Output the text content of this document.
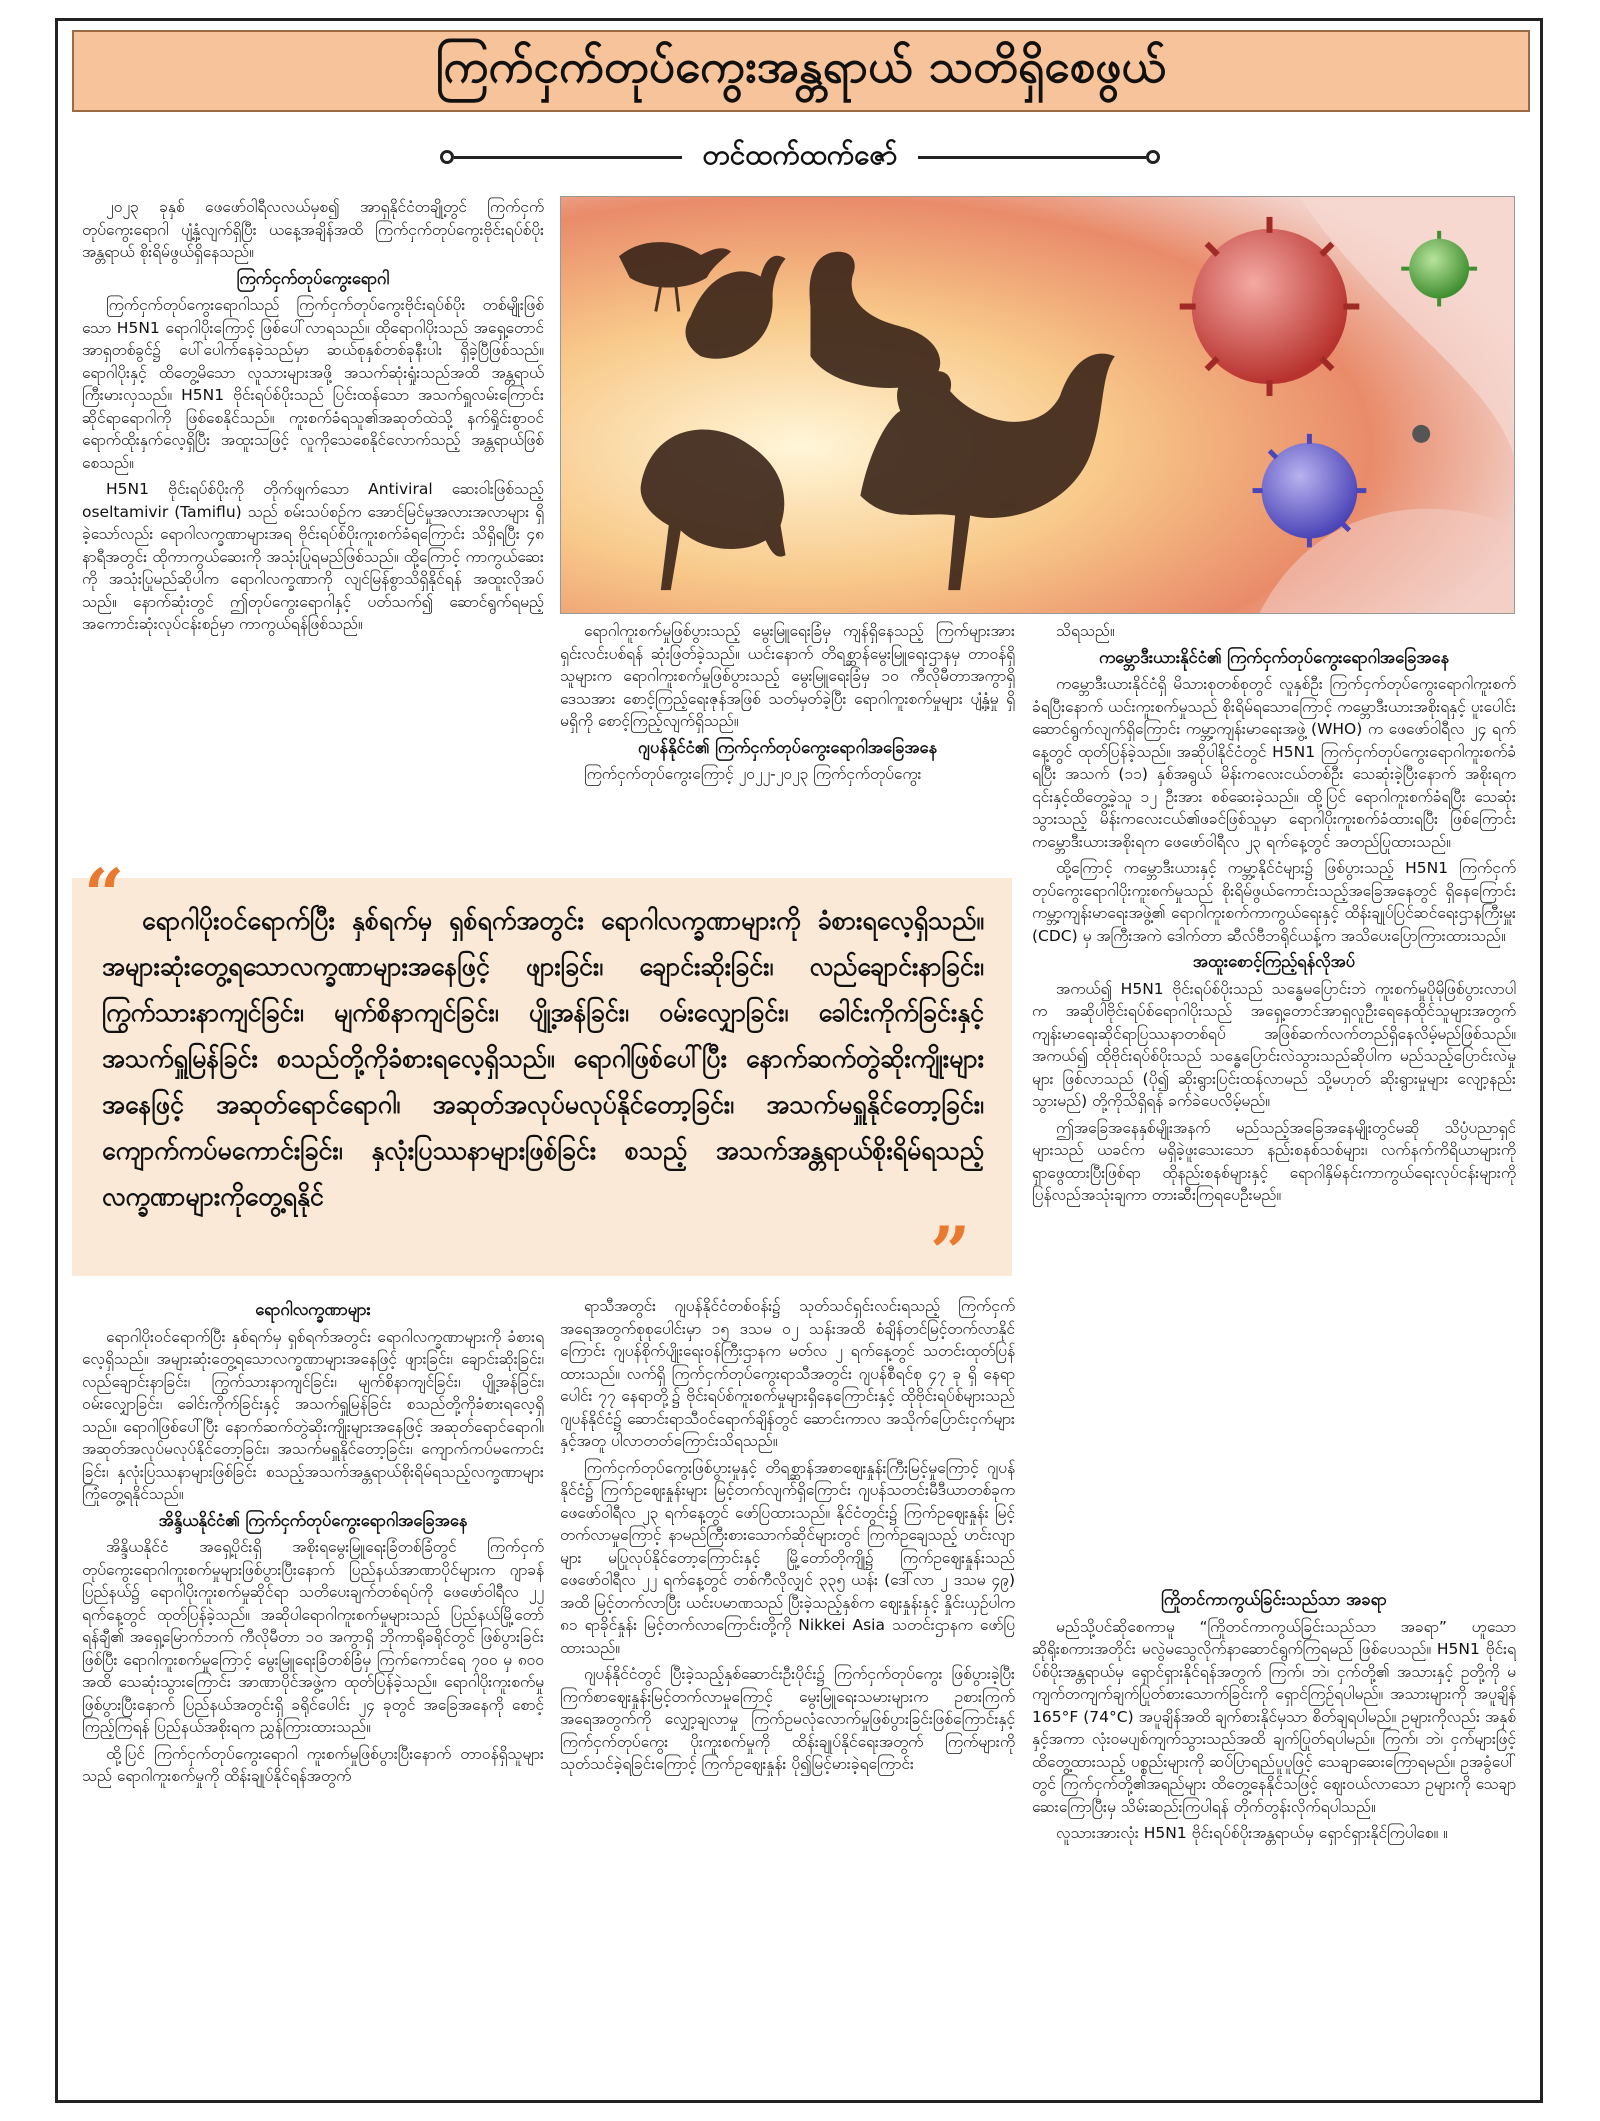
ကြက်ငှက်တုပ်ကွေးအန္တရာယ် သတိရှိစေဖွယ်
တင်ထက်ထက်ဇော်

၂၀၂၃ ခုနှစ် ဖေဖော်ဝါရီလလယ်မှစ၍ အာရှနိုင်ငံတချို့တွင် ကြက်ငှက်တုပ်ကွေးရောဂါ ပျံ့နှံ့လျက်ရှိပြီး ယနေ့အချိန်အထိ ကြက်ငှက်တုပ်ကွေးဗိုင်းရပ်စ်ပိုးအန္တရာယ် စိုးရိမ်ဖွယ်ရှိနေသည်။

ကြက်ငှက်တုပ်ကွေးရောဂါ

ကြက်ငှက်တုပ်ကွေးရောဂါသည် ကြက်ငှက်တုပ်ကွေးဗိုင်းရပ်စ်ပိုး တစ်မျိုးဖြစ်သော H5N1 ရောဂါပိုးကြောင့် ဖြစ်ပေါ်လာရသည်။ ထိုရောဂါပိုးသည် အရှေ့တောင်အာရှတစ်ခွင်၌ ပေါ်ပေါက်နေခဲ့သည်မှာ ဆယ်စုနှစ်တစ်ခုနီးပါး ရှိခဲ့ပြီဖြစ်သည်။ ရောဂါပိုးနှင့် ထိတွေ့မိသော လူသားများအဖို့ အသက်ဆုံးရှုံးသည်အထိ အန္တရာယ်ကြီးမားလှသည်။ H5N1 ဗိုင်းရပ်စ်ပိုးသည် ပြင်းထန်သော အသက်ရှူလမ်းကြောင်းဆိုင်ရာရောဂါကို ဖြစ်စေနိုင်သည်။ ကူးစက်ခံရသူ၏အဆုတ်ထဲသို့ နက်ရှိုင်းစွာဝင်ရောက်ထိုးနှက်လေ့ရှိပြီး အထူးသဖြင့် လူကိုသေစေနိုင်လောက်သည့် အန္တရာယ်ဖြစ်စေသည်။

H5N1 ဗိုင်းရပ်စ်ပိုးကို တိုက်ဖျက်သော Antiviral ဆေးဝါးဖြစ်သည့် oseltamivir (Tamiflu) သည် စမ်းသပ်စဉ်က အောင်မြင်မှုအလားအလာများ ရှိခဲ့သော်လည်း ရောဂါလက္ခဏာများအရ ဗိုင်းရပ်စ်ပိုးကူးစက်ခံရကြောင်း သိရှိရပြီး ၄၈ နာရီအတွင်း ထိုကာကွယ်ဆေးကို အသုံးပြုရမည်ဖြစ်သည်။ ထို့ကြောင့် ကာကွယ်ဆေးကို အသုံးပြုမည်ဆိုပါက ရောဂါလက္ခဏာကို လျင်မြန်စွာသိရှိနိုင်ရန် အထူးလိုအပ်သည်။ နောက်ဆုံးတွင် ဤတုပ်ကွေးရောဂါနှင့် ပတ်သက်၍ ဆောင်ရွက်ရမည့် အကောင်းဆုံးလုပ်ငန်းစဉ်မှာ ကာကွယ်ရန်ဖြစ်သည်။	ရောဂါကူးစက်မှုဖြစ်ပွားသည့် မွေးမြူရေးခြံမှ ကျန်ရှိနေသည့် ကြက်များအား ရှင်းလင်းပစ်ရန် ဆုံးဖြတ်ခဲ့သည်။ ယင်းနောက် တိရစ္ဆာန်မွေးမြူရေးဌာနမှ တာဝန်ရှိသူများက ရောဂါကူးစက်မှုဖြစ်ပွားသည့် မွေးမြူရေးခြံမှ ၁၀ ကီလိုမီတာအကွာရှိ ဒေသအား စောင့်ကြည့်ရေးဇုန်အဖြစ် သတ်မှတ်ခဲ့ပြီး ရောဂါကူးစက်မှုများ ပျံ့နှံ့မှု ရှိ မရှိကို စောင့်ကြည့်လျက်ရှိသည်။

ဂျပန်နိုင်ငံ၏ ကြက်ငှက်တုပ်ကွေးရောဂါအခြေအနေ

ကြက်ငှက်တုပ်ကွေးကြောင့် ၂၀၂၂-၂၀၂၃ ကြက်ငှက်တုပ်ကွေး

သိရသည်။

ကမ္ဘောဒီးယားနိုင်ငံ၏ ကြက်ငှက်တုပ်ကွေးရောဂါအခြေအနေ

ကမ္ဘောဒီးယားနိုင်ငံရှိ မိသားစုတစ်စုတွင် လူနှစ်ဦး ကြက်ငှက်တုပ်ကွေးရောဂါကူးစက်ခံရပြီးနောက် ယင်းကူးစက်မှုသည် စိုးရိမ်ရသောကြောင့် ကမ္ဘောဒီးယားအစိုးရနှင့် ပူးပေါင်းဆောင်ရွက်လျက်ရှိကြောင်း ကမ္ဘာ့ကျန်းမာရေးအဖွဲ့ (WHO) က ဖေဖော်ဝါရီလ ၂၄ ရက်နေ့တွင် ထုတ်ပြန်ခဲ့သည်။ အဆိုပါနိုင်ငံတွင် H5N1 ကြက်ငှက်တုပ်ကွေးရောဂါကူးစက်ခံရပြီး အသက် (၁၁) နှစ်အရွယ် မိန်းကလေးငယ်တစ်ဦး သေဆုံးခဲ့ပြီးနောက် အစိုးရက ၎င်းနှင့်ထိတွေ့ခဲ့သူ ၁၂ ဦးအား စစ်ဆေးခဲ့သည်။ ထို့ပြင် ရောဂါကူးစက်ခံရပြီး သေဆုံးသွားသည့် မိန်းကလေးငယ်၏ဖခင်ဖြစ်သူမှာ ရောဂါပိုးကူးစက်ခံထားရပြီး ဖြစ်ကြောင်း ကမ္ဘောဒီးယားအစိုးရက ဖေဖော်ဝါရီလ ၂၃ ရက်နေ့တွင် အတည်ပြုထားသည်။

ထို့ကြောင့် ကမ္ဘောဒီးယားနှင့် ကမ္ဘာ့နိုင်ငံများ၌ ဖြစ်ပွားသည့် H5N1 ကြက်ငှက်တုပ်ကွေးရောဂါပိုးကူးစက်မှုသည် စိုးရိမ်ဖွယ်ကောင်းသည့်အခြေအနေတွင် ရှိနေကြောင်း ကမ္ဘာ့ကျန်းမာရေးအဖွဲ့၏ ရောဂါကူးစက်ကာကွယ်ရေးနှင့် ထိန်းချုပ်ပြင်ဆင်ရေးဌာနကြီးမှူး (CDC) မှ အကြီးအကဲ ဒေါက်တာ ဆီလ်ဗီဘရိုင်ယန့်က အသိပေးပြောကြားထားသည်။

အထူးစောင့်ကြည့်ရန်လိုအပ်

အကယ်၍ H5N1 ဗိုင်းရပ်စ်ပိုးသည် သန္ဓေမပြောင်းဘဲ ကူးစက်မှုပိုမိုဖြစ်ပွားလာပါက အဆိုပါဗိုင်းရပ်စ်ရောဂါပိုးသည် အရှေ့တောင်အာရှလူဦးရေနေထိုင်သူများအတွက် ကျန်းမာရေးဆိုင်ရာပြဿနာတစ်ရပ် အဖြစ်ဆက်လက်တည်ရှိနေလိမ့်မည်ဖြစ်သည်။ အကယ်၍ ထိုဗိုင်းရပ်စ်ပိုးသည် သန္ဓေပြောင်းလဲသွားသည်ဆိုပါက မည်သည့်ပြောင်းလဲမှုများ ဖြစ်လာသည် (ပို၍ ဆိုးရွားပြင်းထန်လာမည် သို့မဟုတ် ဆိုးရွားမှုများ လျော့နည်းသွားမည်) တို့ကိုသိရှိရန် ခက်ခဲပေလိမ့်မည်။

ဤအခြေအနေနှစ်မျိုးအနက် မည်သည့်အခြေအနေမျိုးတွင်မဆို သိပ္ပံပညာရှင်များသည် ယခင်က မရှိခဲ့ဖူးသေးသော နည်းစနစ်သစ်များ၊ လက်နက်ကိရိယာများကို ရှာဖွေထားပြီးဖြစ်ရာ ထိုနည်းစနစ်များနှင့် ရောဂါနှိမ်နင်းကာကွယ်ရေးလုပ်ငန်းများကို ပြန်လည်အသုံးချကာ တားဆီးကြရပေဦးမည်။

ရောဂါပိုးဝင်ရောက်ပြီး နှစ်ရက်မှ ရှစ်ရက်အတွင်း ရောဂါလက္ခဏာများကို ခံစားရလေ့ရှိသည်။ အများဆုံးတွေ့ရသောလက္ခဏာများအနေဖြင့် ဖျားခြင်း၊ ချောင်းဆိုးခြင်း၊ လည်ချောင်းနာခြင်း၊ ကြွက်သားနာကျင်ခြင်း၊ မျက်စိနာကျင်ခြင်း၊ ပျို့အန်ခြင်း၊ ဝမ်းလျှောခြင်း၊ ခေါင်းကိုက်ခြင်းနှင့် အသက်ရှူမြန်ခြင်း စသည်တို့ကိုခံစားရလေ့ရှိသည်။ ရောဂါဖြစ်ပေါ်ပြီး နောက်ဆက်တွဲဆိုးကျိုးများအနေဖြင့် အဆုတ်ရောင်ရောဂါ၊ အဆုတ်အလုပ်မလုပ်နိုင်တော့ခြင်း၊ အသက်မရှူနိုင်တော့ခြင်း၊ ကျောက်ကပ်မကောင်းခြင်း၊ နှလုံးပြဿနာများဖြစ်ခြင်း စသည့် အသက်အန္တရာယ်စိုးရိမ်ရသည့် လက္ခဏာများကိုတွေ့ရနိုင်
“
”
ရောဂါလက္ခဏာများ

ရောဂါပိုးဝင်ရောက်ပြီး နှစ်ရက်မှ ရှစ်ရက်အတွင်း ရောဂါလက္ခဏာများကို ခံစားရလေ့ရှိသည်။ အများဆုံးတွေ့ရသောလက္ခဏာများအနေဖြင့် ဖျားခြင်း၊ ချောင်းဆိုးခြင်း၊ လည်ချောင်းနာခြင်း၊ ကြွက်သားနာကျင်ခြင်း၊ မျက်စိနာကျင်ခြင်း၊ ပျို့အန်ခြင်း၊ ဝမ်းလျှောခြင်း၊ ခေါင်းကိုက်ခြင်းနှင့် အသက်ရှူမြန်ခြင်း စသည်တို့ကိုခံစားရလေ့ရှိသည်။ ရောဂါဖြစ်ပေါ်ပြီး နောက်ဆက်တွဲဆိုးကျိုးများအနေဖြင့် အဆုတ်ရောင်ရောဂါ၊ အဆုတ်အလုပ်မလုပ်နိုင်တော့ခြင်း၊ အသက်မရှူနိုင်တော့ခြင်း၊ ကျောက်ကပ်မကောင်းခြင်း၊ နှလုံးပြဿနာများဖြစ်ခြင်း စသည့်အသက်အန္တရာယ်စိုးရိမ်ရသည့်လက္ခဏာများ ကြုံတွေ့ရနိုင်သည်။

အိန္ဒိယနိုင်ငံ၏ ကြက်ငှက်တုပ်ကွေးရောဂါအခြေအနေ

အိန္ဒိယနိုင်ငံ အရှေ့ပိုင်းရှိ အစိုးရမွေးမြူရေးခြံတစ်ခြံတွင် ကြက်ငှက်တုပ်ကွေးရောဂါကူးစက်မှုများဖြစ်ပွားပြီးနောက် ပြည်နယ်အာဏာပိုင်များက ဂျာခန်ပြည်နယ်၌ ရောဂါပိုးကူးစက်မှုဆိုင်ရာ သတိပေးချက်တစ်ရပ်ကို ဖေဖော်ဝါရီလ ၂၂ ရက်နေ့တွင် ထုတ်ပြန်ခဲ့သည်။ အဆိုပါရောဂါကူးစက်မှုများသည် ပြည်နယ်မြို့တော် ရန်ချီ၏ အရှေ့မြောက်ဘက် ကီလိုမီတာ ၁၀ အကွာရှိ ဘိုကာရိုခရိုင်တွင် ဖြစ်ပွားခြင်းဖြစ်ပြီး ရောဂါကူးစက်မှုကြောင့် မွေးမြူရေးခြံတစ်ခြံမှ ကြက်ကောင်ရေ ၇၀၀ မှ ၈၀၀ အထိ သေဆုံးသွားကြောင်း အာဏာပိုင်အဖွဲ့က ထုတ်ပြန်ခဲ့သည်။ ရောဂါပိုးကူးစက်မှုဖြစ်ပွားပြီးနောက် ပြည်နယ်အတွင်းရှိ ခရိုင်ပေါင်း ၂၄ ခုတွင် အခြေအနေကို စောင့်ကြည့်ကြရန် ပြည်နယ်အစိုးရက ညွှန်ကြားထားသည်။

ထို့ပြင် ကြက်ငှက်တုပ်ကွေးရောဂါ ကူးစက်မှုဖြစ်ပွားပြီးနောက် တာဝန်ရှိသူများသည် ရောဂါကူးစက်မှုကို ထိန်းချုပ်နိုင်ရန်အတွက်

ရာသီအတွင်း ဂျပန်နိုင်ငံတစ်ဝန်း၌ သုတ်သင်ရှင်းလင်းရသည့် ကြက်ငှက်အရေအတွက်စုစုပေါင်းမှာ ၁၅ ဒသမ ၀၂ သန်းအထိ စံချိန်တင်မြင့်တက်လာနိုင်ကြောင်း ဂျပန်စိုက်ပျိုးရေးဝန်ကြီးဌာနက မတ်လ ၂ ရက်နေ့တွင် သတင်းထုတ်ပြန်ထားသည်။ လက်ရှိ ကြက်ငှက်တုပ်ကွေးရာသီအတွင်း ဂျပန်စီရင်စု ၄၇ ခု ရှိ နေရာပေါင်း ၇၇ နေရာတို့၌ ဗိုင်းရပ်စ်ကူးစက်မှုများရှိနေကြောင်းနှင့် ထိုဗိုင်းရပ်စ်များသည် ဂျပန်နိုင်ငံ၌ ဆောင်းရာသီဝင်ရောက်ချိန်တွင် ဆောင်းကာလ အသိုက်ပြောင်းငှက်များနှင့်အတူ ပါလာတတ်ကြောင်းသိရသည်။

ကြက်ငှက်တုပ်ကွေးဖြစ်ပွားမှုနှင့် တိရစ္ဆာန်အစာဈေးနှုန်းကြီးမြင့်မှုကြောင့် ဂျပန်နိုင်ငံ၌ ကြက်ဥဈေးနှုန်းများ မြင့်တက်လျက်ရှိကြောင်း ဂျပန်သတင်းမီဒီယာတစ်ခုက ဖေဖော်ဝါရီလ ၂၃ ရက်နေ့တွင် ဖော်ပြထားသည်။ နိုင်ငံတွင်း၌ ကြက်ဥဈေးနှုန်း မြင့်တက်လာမှုကြောင့် နာမည်ကြီးစားသောက်ဆိုင်များတွင် ကြက်ဥချေသည့် ဟင်းလျာများ မပြုလုပ်နိုင်တော့ကြောင်းနှင့် မြို့တော်တိုကျို၌ ကြက်ဥဈေးနှုန်းသည် ဖေဖော်ဝါရီလ ၂၂ ရက်နေ့တွင် တစ်ကီလိုလျှင် ၃၃၅ ယန်း (ဒေါ်လာ ၂ ဒသမ ၄၉) အထိ မြင့်တက်လာပြီး ယင်းပမာဏသည် ပြီးခဲ့သည့်နှစ်က ဈေးနှုန်းနှင့် နှိုင်းယှဉ်ပါက ၈၁ ရာခိုင်နှုန်း မြင့်တက်လာကြောင်းတို့ကို Nikkei Asia သတင်းဌာနက ဖော်ပြထားသည်။

ဂျပန်နိုင်ငံတွင် ပြီးခဲ့သည့်နှစ်ဆောင်းဦးပိုင်း၌ ကြက်ငှက်တုပ်ကွေး ဖြစ်ပွားခဲ့ပြီး ကြက်စာဈေးနှုန်းမြင့်တက်လာမှုကြောင့် မွေးမြူရေးသမားများက ဥစားကြက်အရေအတွက်ကို လျှော့ချလာမှု ကြက်ဥမလုံလောက်မှုဖြစ်ပွားခြင်းဖြစ်ကြောင်းနှင့် ကြက်ငှက်တုပ်ကွေး ပိုးကူးစက်မှုကို ထိန်းချုပ်နိုင်ရေးအတွက် ကြက်များကို သုတ်သင်ခဲ့ရခြင်းကြောင့် ကြက်ဥဈေးနှုန်း ပို၍မြင့်မားခဲ့ရကြောင်း

ကြိုတင်ကာကွယ်ခြင်းသည်သာ အခရာ

မည်သို့ပင်ဆိုစေကာမူ “ကြိုတင်ကာကွယ်ခြင်းသည်သာ အခရာ” ဟူသော ဆိုရိုးစကားအတိုင်း မလွဲမသွေလိုက်နာဆောင်ရွက်ကြရမည် ဖြစ်ပေသည်။ H5N1 ဗိုင်းရပ်စ်ပိုးအန္တရာယ်မှ ရှောင်ရှားနိုင်ရန်အတွက် ကြက်၊ ဘဲ၊ ငှက်တို့၏ အသားနှင့် ဥတို့ကို မကျက်တကျက်ချက်ပြုတ်စားသောက်ခြင်းကို ရှောင်ကြဉ်ရပါမည်။ အသားများကို အပူချိန် 165°F (74°C) အပူချိန်အထိ ချက်စားနိုင်မှသာ စိတ်ချရပါမည်။ ဥများကိုလည်း အနှစ်နှင့်အကာ လုံးဝမပျစ်ကျက်သွားသည်အထိ ချက်ပြုတ်ရပါမည်။ ကြက်၊ ဘဲ၊ ငှက်များဖြင့် ထိတွေ့ထားသည့် ပစ္စည်းများကို ဆပ်ပြာရည်ပူပူဖြင့် သေချာဆေးကြောရမည်။ ဥအခွံပေါ်တွင် ကြက်ငှက်တို့၏အရည်များ ထိတွေ့နေနိုင်သဖြင့် ဈေးဝယ်လာသော ဥများကို သေချာဆေးကြောပြီးမှ သိမ်းဆည်းကြပါရန် တိုက်တွန်းလိုက်ရပါသည်။

လူသားအားလုံး H5N1 ဗိုင်းရပ်စ်ပိုးအန္တရာယ်မှ ရှောင်ရှားနိုင်ကြပါစေ။ ။
